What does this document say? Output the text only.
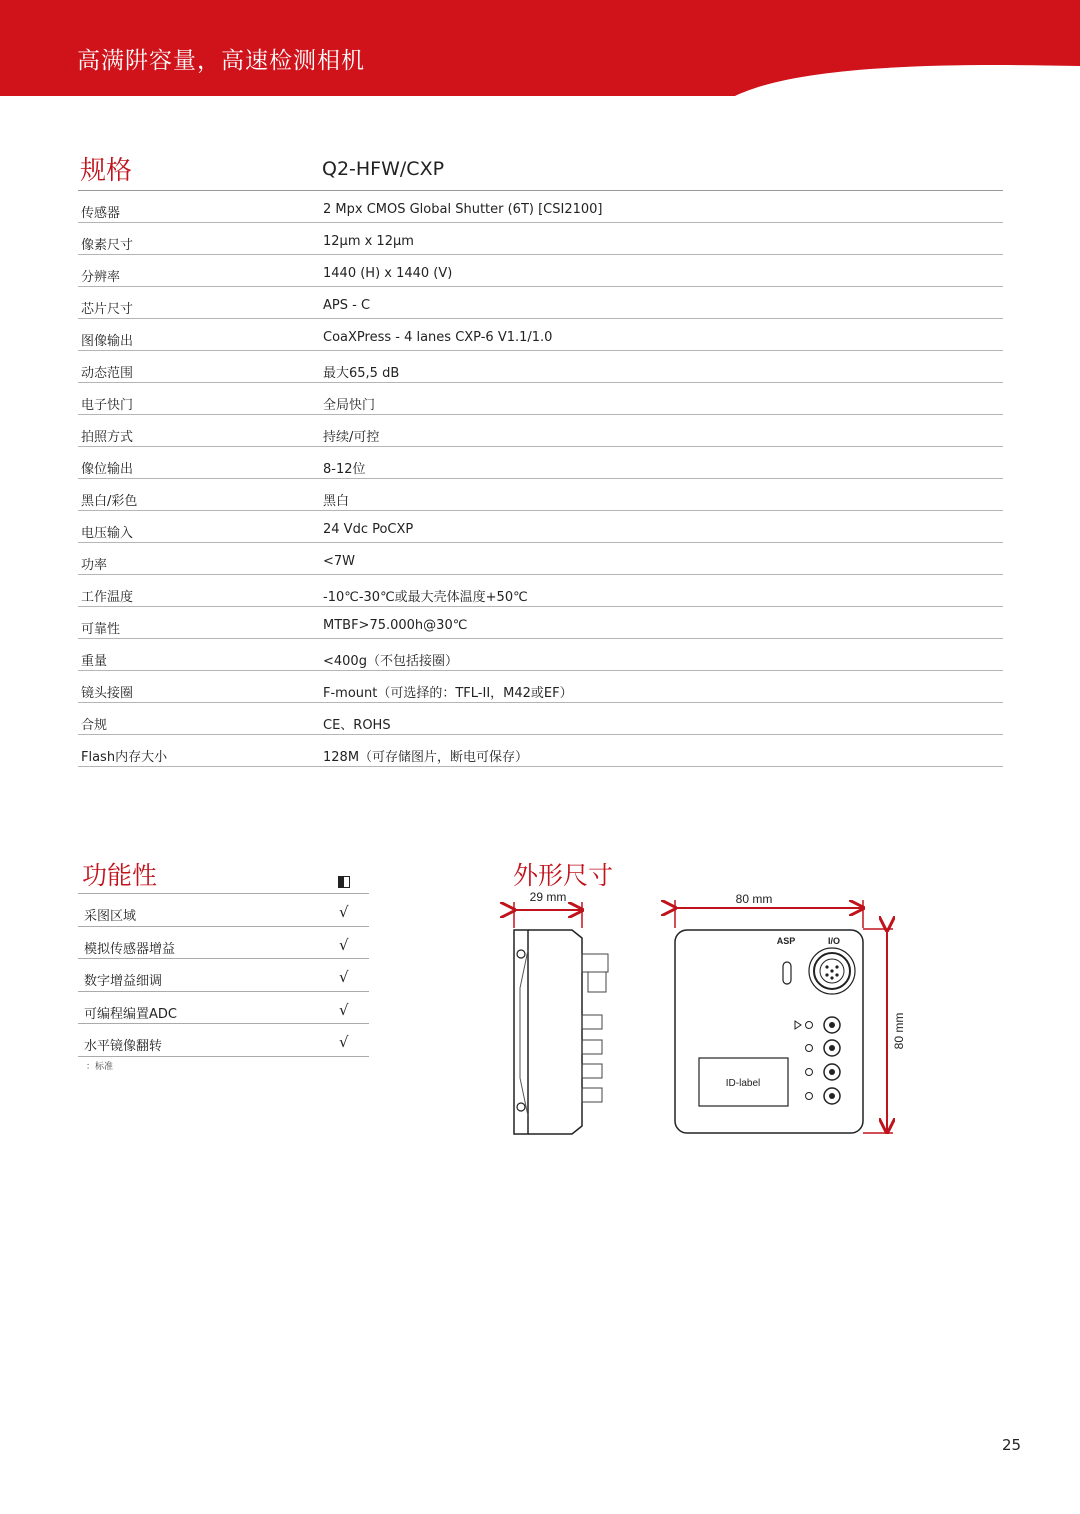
高满阱容量，高速检测相机
规格	Q2-HFW/CXP
传感器	2 Mpx CMOS Global Shutter (6T) [CSI2100]
像素尺寸	12μm x 12μm
分辨率	1440 (H) x 1440 (V)
芯片尺寸	APS - C
图像输出	CoaXPress - 4 lanes CXP-6 V1.1/1.0
动态范围	最大65,5 dB
电子快门	全局快门
拍照方式	持续/可控
像位输出	8-12位
黑白/彩色	黑白
电压输入	24 Vdc PoCXP
功率	<7W
工作温度	-10℃-30℃或最大壳体温度+50℃
可靠性	MTBF>75.000h@30℃
重量	<400g（不包括接圈）
镜头接圈	F-mount（可选择的：TFL-II，M42或EF）
合规	CE、ROHS
Flash内存大小	128M（可存储图片，断电可保存）
功能性
采图区域	√
模拟传感器增益	√
数字增益细调	√
可编程编置ADC	√
水平镜像翻转	√
：标准
外形尺寸
29 mm	80 mm
80 mm
ASP	I/O
ID-label
25
